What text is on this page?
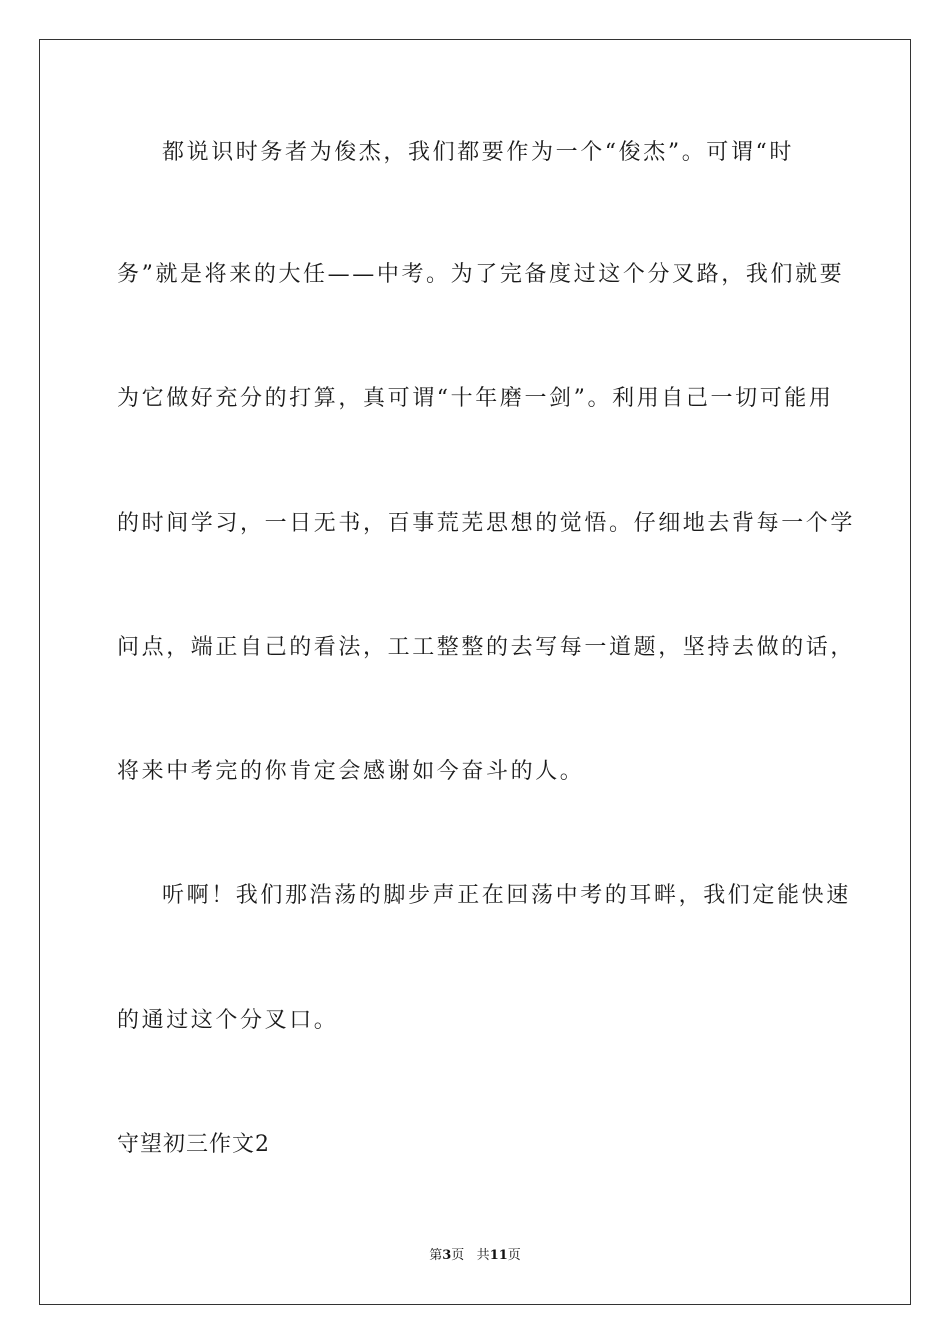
都说识时务者为俊杰，我们都要作为一个“俊杰”。可谓“时
务”就是将来的大任——中考。为了完备度过这个分叉路，我们就要
为它做好充分的打算，真可谓“十年磨一剑”。利用自己一切可能用
的时间学习，一日无书，百事荒芜思想的觉悟。仔细地去背每一个学
问点，端正自己的看法，工工整整的去写每一道题，坚持去做的话，
将来中考完的你肯定会感谢如今奋斗的人。
听啊！我们那浩荡的脚步声正在回荡中考的耳畔，我们定能快速
的通过这个分叉口。
守望初三作文2
第3页 共11页
